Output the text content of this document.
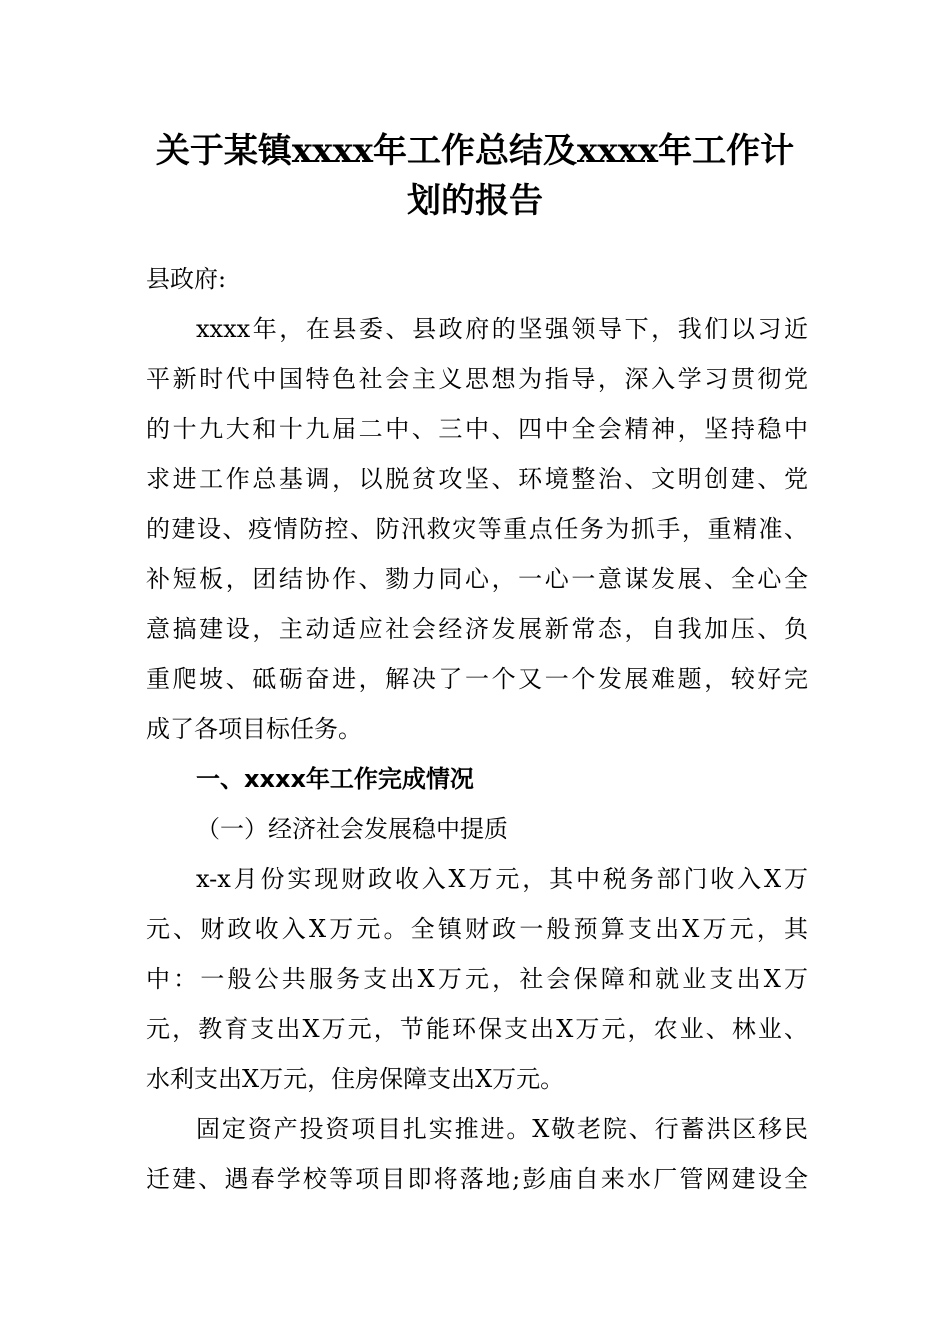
关于某镇xxxx年工作总结及xxxx年工作计
划的报告

县政府:

xxxx年，在县委、县政府的坚强领导下，我们以习近
平新时代中国特色社会主义思想为指导，深入学习贯彻党
的十九大和十九届二中、三中、四中全会精神，坚持稳中
求进工作总基调，以脱贫攻坚、环境整治、文明创建、党
的建设、疫情防控、防汛救灾等重点任务为抓手，重精准、
补短板，团结协作、勠力同心，一心一意谋发展、全心全
意搞建设，主动适应社会经济发展新常态，自我加压、负
重爬坡、砥砺奋进，解决了一个又一个发展难题，较好完
成了各项目标任务。

一、xxxx年工作完成情况

（一）经济社会发展稳中提质

x-x月份实现财政收入X万元，其中税务部门收入X万
元、财政收入X万元。全镇财政一般预算支出X万元，其
中：一般公共服务支出X万元，社会保障和就业支出X万
元，教育支出X万元，节能环保支出X万元，农业、林业、
水利支出X万元，住房保障支出X万元。
固定资产投资项目扎实推进。X敬老院、行蓄洪区移民
迁建、遇春学校等项目即将落地;彭庙自来水厂管网建设全
